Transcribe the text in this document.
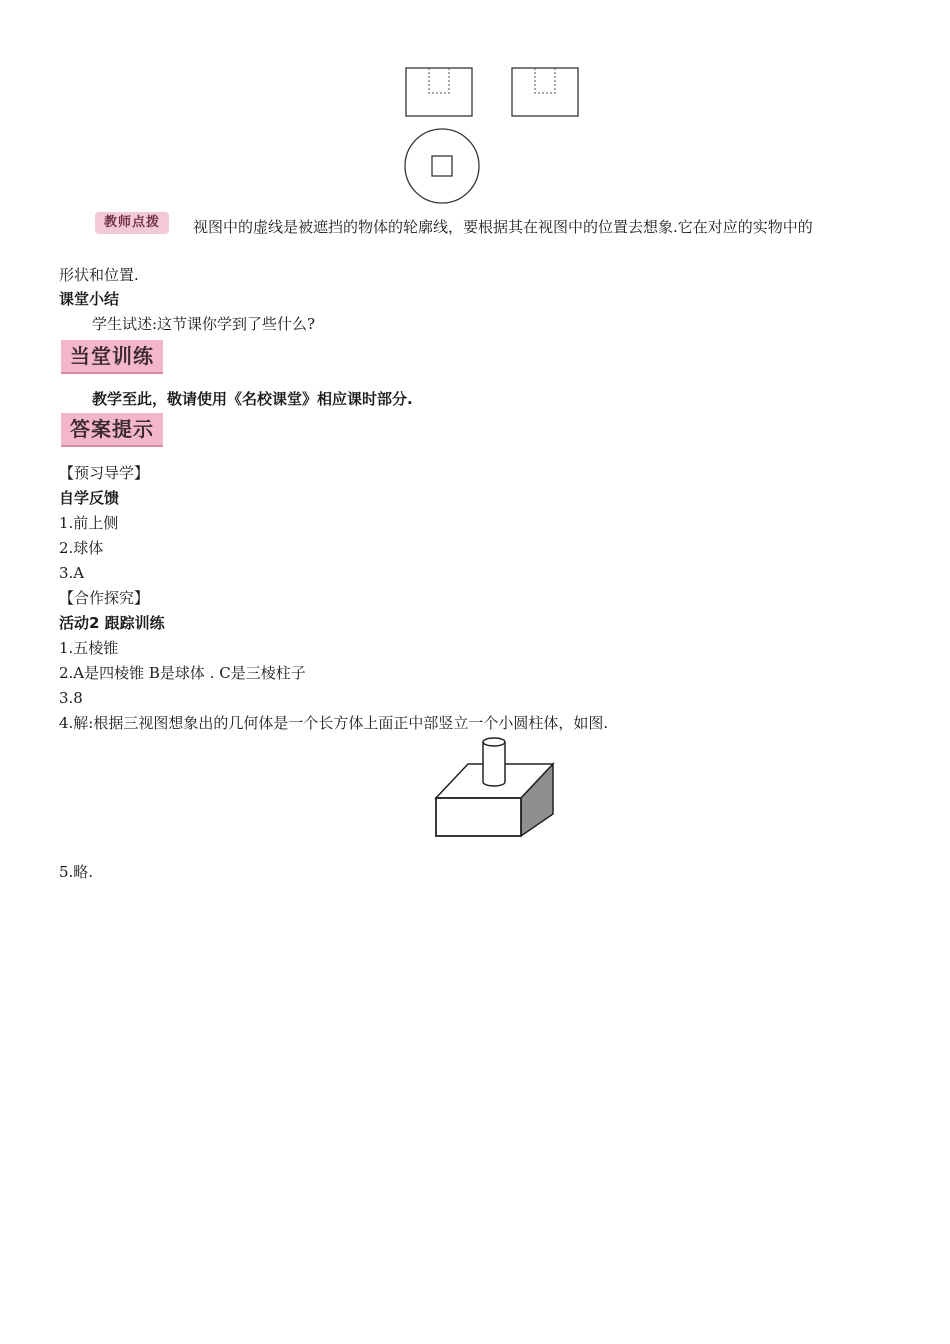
教师点拨	视图中的虚线是被遮挡的物体的轮廓线，要根据其在视图中的位置去想象.它在对应的实物中的
形状和位置.
课堂小结
学生试述:这节课你学到了些什么?
当堂训练
教学至此，敬请使用《名校课堂》相应课时部分.
答案提示
【预习导学】
自学反馈
1.前上侧
2.球体
3.A
【合作探究】
活动2 跟踪训练
1.五棱锥
2.A是四棱锥 B是球体 . C是三棱柱子
3.8
4.解:根据三视图想象出的几何体是一个长方体上面正中部竖立一个小圆柱体，如图.
5.略.
